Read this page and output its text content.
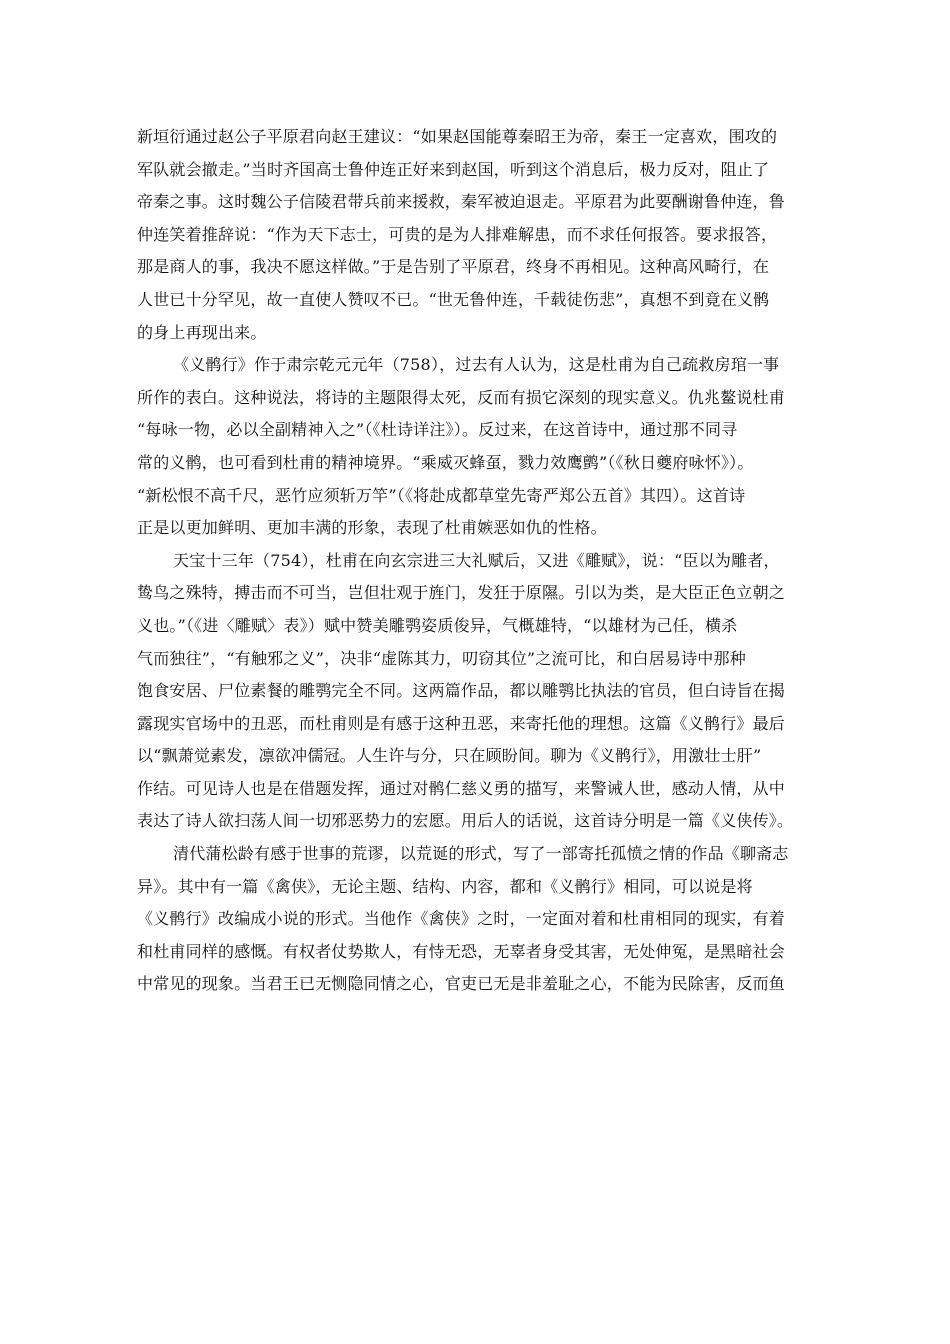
新垣衍通过赵公子平原君向赵王建议：“如果赵国能尊秦昭王为帝，秦王一定喜欢，围攻的
军队就会撤走。”当时齐国高士鲁仲连正好来到赵国，听到这个消息后，极力反对，阻止了
帝秦之事。这时魏公子信陵君带兵前来援救，秦军被迫退走。平原君为此要酬谢鲁仲连，鲁
仲连笑着推辞说：“作为天下志士，可贵的是为人排难解患，而不求任何报答。要求报答，
那是商人的事，我决不愿这样做。”于是告别了平原君，终身不再相见。这种高风畸行，在
人世已十分罕见，故一直使人赞叹不已。“世无鲁仲连，千载徒伤悲”，真想不到竟在义鹘
的身上再现出来。
《义鹘行》作于肃宗乾元元年（758），过去有人认为，这是杜甫为自己疏救房琯一事
所作的表白。这种说法，将诗的主题限得太死，反而有损它深刻的现实意义。仇兆鳌说杜甫
“每咏一物，必以全副精神入之”（《杜诗详注》）。反过来，在这首诗中，通过那不同寻
常的义鹘，也可看到杜甫的精神境界。“乘威灭蜂虿，戮力效鹰鹯”（《秋日夔府咏怀》）。
“新松恨不高千尺，恶竹应须斩万竿”（《将赴成都草堂先寄严郑公五首》其四）。这首诗
正是以更加鲜明、更加丰满的形象，表现了杜甫嫉恶如仇的性格。
天宝十三年（754），杜甫在向玄宗进三大礼赋后，又进《雕赋》，说：“臣以为雕者，
鸷鸟之殊特，搏击而不可当，岂但壮观于旌门，发狂于原隰。引以为类，是大臣正色立朝之
义也。”（《进〈雕赋〉表》）赋中赞美雕鹗姿质俊异，气概雄特，“以雄材为己任，横杀
气而独往”，“有触邪之义”，决非“虚陈其力，叨窃其位”之流可比，和白居易诗中那种
饱食安居、尸位素餐的雕鹗完全不同。这两篇作品，都以雕鹗比执法的官员，但白诗旨在揭
露现实官场中的丑恶，而杜甫则是有感于这种丑恶，来寄托他的理想。这篇《义鹘行》最后
以“飘萧觉素发，凛欲冲儒冠。人生许与分，只在顾盼间。聊为《义鹘行》，用激壮士肝”
作结。可见诗人也是在借题发挥，通过对鹘仁慈义勇的描写，来警诫人世，感动人情，从中
表达了诗人欲扫荡人间一切邪恶势力的宏愿。用后人的话说，这首诗分明是一篇《义侠传》。
清代蒲松龄有感于世事的荒谬，以荒诞的形式，写了一部寄托孤愤之情的作品《聊斋志
异》。其中有一篇《禽侠》，无论主题、结构、内容，都和《义鹘行》相同，可以说是将
《义鹘行》改编成小说的形式。当他作《禽侠》之时，一定面对着和杜甫相同的现实，有着
和杜甫同样的感慨。有权者仗势欺人，有恃无恐，无辜者身受其害，无处伸冤，是黑暗社会
中常见的现象。当君王已无恻隐同情之心，官吏已无是非羞耻之心，不能为民除害，反而鱼
